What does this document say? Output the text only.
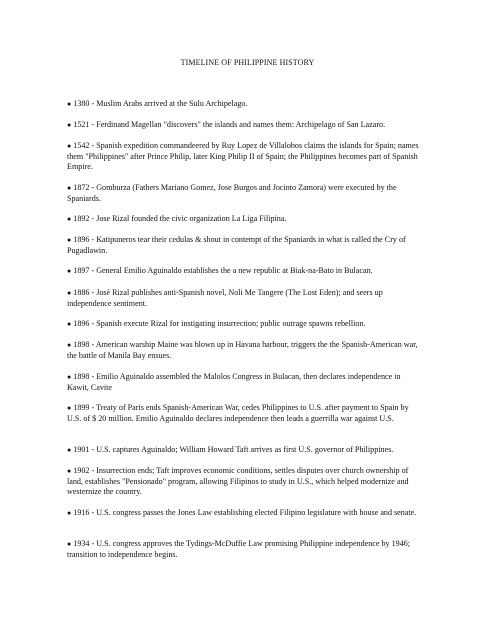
TIMELINE OF PHILIPPINE HISTORY
● 1380 - Muslim Arabs arrived at the Sulu Archipelago.
● 1521 - Ferdinand Magellan "discovers" the islands and names them: Archipelago of San Lazaro.
● 1542 - Spanish expedition commandeered by Ruy Lopez de Villalobos claims the islands for Spain; names them "Philippines" after Prince Philip, later King Philip II of Spain; the Philippines becomes part of Spanish Empire.
● 1872 - Gomburza (Fathers Mariano Gomez, Jose Burgos and Jocinto Zamora) were executed by the Spaniards.
● 1892 - Jose Rizal founded the civic organization La Liga Filipina.
● 1896 - Katipuneros tear their cedulas & shout in contempt of the Spaniards in what is called the Cry of Pugadlawin.
● 1897 - General Emilio Aguinaldo establishes the a new republic at Biak-na-Bato in Bulacan.
● 1886 - José Rizal publishes anti-Spanish novel, Noli Me Tangere (The Lost Eden); and seers up independence sentiment.
● 1896 - Spanish execute Rizal for instigating insurrection; public outrage spawns rebellion.
● 1898 - American warship Maine was blown up in Havana harbour, triggers the the Spanish-American war, the battle of Manila Bay ensues.
● 1898 - Emilio Aguinaldo assembled the Malolos Congress in Bulacan, then declares independence in Kawit, Cavite
● 1899 - Treaty of Paris ends Spanish-American War, cedes Philippines to U.S. after payment to Spain by U.S. of $ 20 million. Emilio Aguinaldo declares independence then leads a guerrilla war against U.S.
● 1901 - U.S. captures Aguinaldo; William Howard Taft arrives as first U.S. governor of Philippines.
● 1902 - Insurrection ends; Taft improves economic conditions, settles disputes over church ownership of land, establishes "Pensionado" program, allowing Filipinos to study in U.S., which helped modernize and westernize the country.
● 1916 - U.S. congress passes the Jones Law establishing elected Filipino legislature with house and senate.
● 1934 - U.S. congress approves the Tydings-McDuffie Law promising Philippine independence by 1946; transition to independence begins.
